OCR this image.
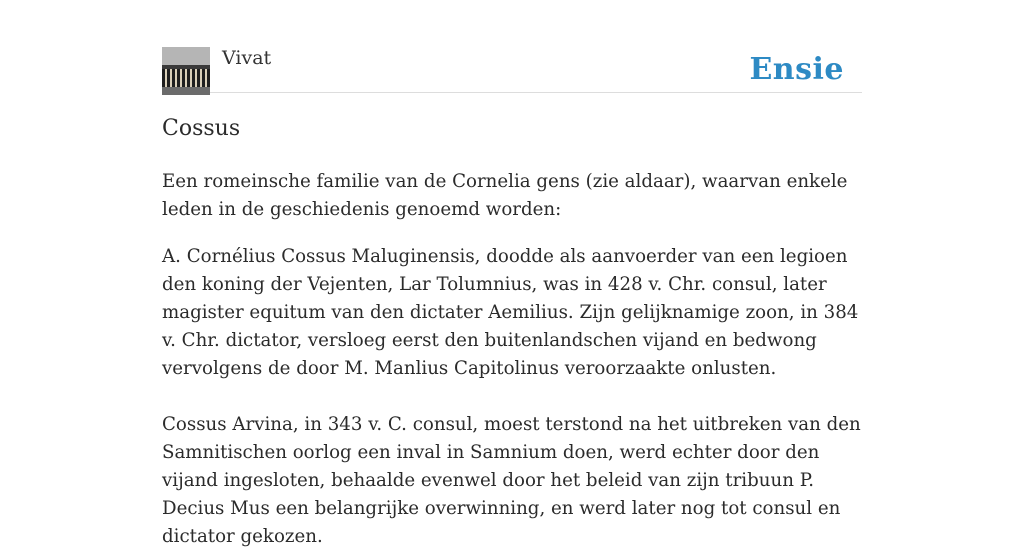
Vivat	Ensie
Cossus

Een romeinsche familie van de Cornelia gens (zie aldaar), waarvan enkele leden in de geschiedenis genoemd worden:

A. Cornélius Cossus Maluginensis, doodde als aanvoerder van een legioen den koning der Vejenten, Lar Tolumnius, was in 428 v. Chr. consul, later magister equitum van den dictater Aemilius. Zijn gelijknamige zoon, in 384 v. Chr. dictator, versloeg eerst den buitenlandschen vijand en bedwong vervolgens de door M. Manlius Capitolinus veroorzaakte onlusten.

Cossus Arvina, in 343 v. C. consul, moest terstond na het uitbreken van den Samnitischen oorlog een inval in Samnium doen, werd echter door den vijand ingesloten, behaalde evenwel door het beleid van zijn tribuun P. Decius Mus een belangrijke overwinning, en werd later nog tot consul en dictator gekozen.
